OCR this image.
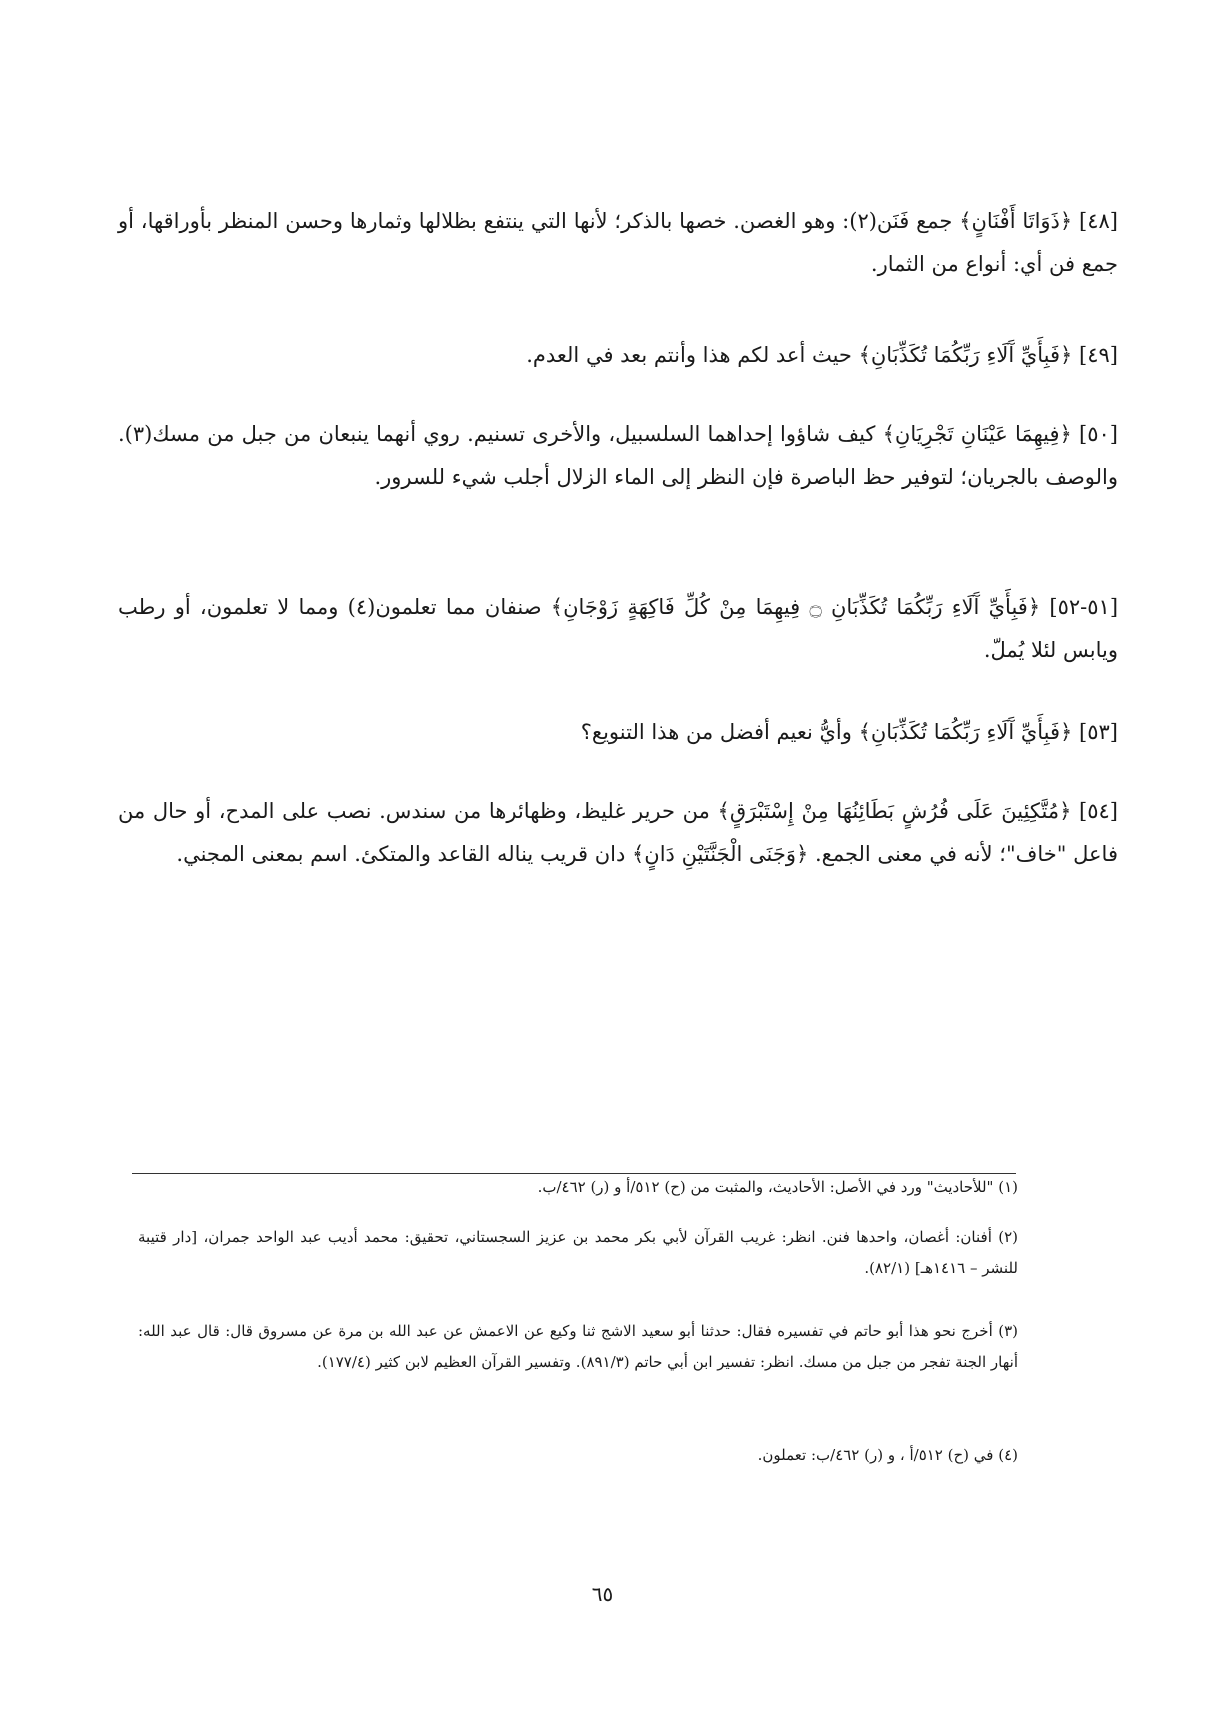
[٤٨] ﴿ذَوَاتَا أَفْنَانٍ﴾ جمع فَنَن(٢): وهو الغصن. خصها بالذكر؛ لأنها التي ينتفع بظلالها وثمارها وحسن المنظر بأوراقها، أو جمع فن أي: أنواع من الثمار.

[٤٩] ﴿فَبِأَيِّ آَلَاءِ رَبِّكُمَا تُكَذِّبَانِ﴾ حيث أعد لكم هذا وأنتم بعد في العدم.

[٥٠] ﴿فِيهِمَا عَيْنَانِ تَجْرِيَانِ﴾ كيف شاؤوا إحداهما السلسبيل، والأخرى تسنيم. روي أنهما ينبعان من جبل من مسك(٣). والوصف بالجريان؛ لتوفير حظ الباصرة فإن النظر إلى الماء الزلال أجلب شيء للسرور.

[٥١-٥٢] ﴿فَبِأَيِّ آَلَاءِ رَبِّكُمَا تُكَذِّبَانِ ۝ فِيهِمَا مِنْ كُلِّ فَاكِهَةٍ زَوْجَانِ﴾ صنفان مما تعلمون(٤) ومما لا تعلمون، أو رطب ويابس لئلا يُملّ.

[٥٣] ﴿فَبِأَيِّ آَلَاءِ رَبِّكُمَا تُكَذِّبَانِ﴾ وأيُّ نعيم أفضل من هذا التنويع؟

[٥٤] ﴿مُتَّكِئِينَ عَلَى فُرُشٍ بَطَائِنُهَا مِنْ إِسْتَبْرَقٍ﴾ من حرير غليظ، وظهائرها من سندس. نصب على المدح، أو حال من فاعل "خاف"؛ لأنه في معنى الجمع. ﴿وَجَنَى الْجَنَّتَيْنِ دَانٍ﴾ دان قريب يناله القاعد والمتكئ. اسم بمعنى المجني.

(١) "للأحاديث" ورد في الأصل: الأحاديث، والمثبت من (ح) ٥١٢/أ و (ر) ٤٦٢/ب.

(٢) أفنان: أغصان، واحدها فنن. انظر: غريب القرآن لأبي بكر محمد بن عزيز السجستاني، تحقيق: محمد أديب عبد الواحد جمران، [دار قتيبة للنشر – ١٤١٦هـ] (٨٢/١).

(٣) أخرج نحو هذا أبو حاتم في تفسيره فقال: حدثنا أبو سعيد الاشج ثنا وكيع عن الاعمش عن عبد الله بن مرة عن مسروق قال: قال عبد الله: أنهار الجنة تفجر من جبل من مسك. انظر: تفسير ابن أبي حاتم (٨٩١/٣). وتفسير القرآن العظيم لابن كثير (١٧٧/٤).

(٤) في (ح) ٥١٢/أ ، و (ر) ٤٦٢/ب: تعملون.

٦٥
